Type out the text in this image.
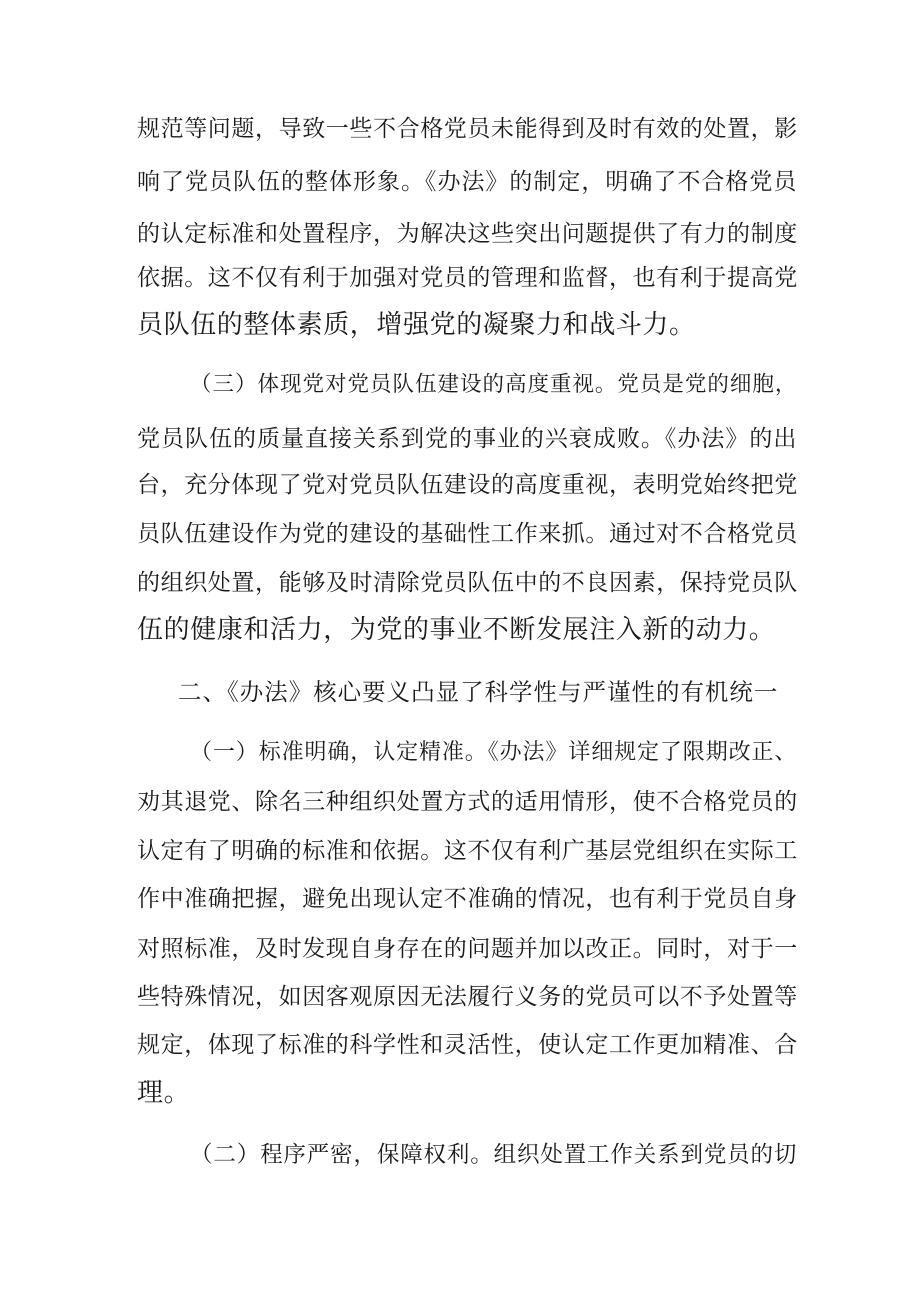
规范等问题，导致一些不合格党员未能得到及时有效的处置，影
响了党员队伍的整体形象。《办法》的制定，明确了不合格党员
的认定标准和处置程序，为解决这些突出问题提供了有力的制度
依据。这不仅有利于加强对党员的管理和监督，也有利于提高党
员队伍的整体素质，增强党的凝聚力和战斗力。
（三）体现党对党员队伍建设的高度重视。党员是党的细胞，
党员队伍的质量直接关系到党的事业的兴衰成败。《办法》的出
台，充分体现了党对党员队伍建设的高度重视，表明党始终把党
员队伍建设作为党的建设的基础性工作来抓。通过对不合格党员
的组织处置，能够及时清除党员队伍中的不良因素，保持党员队
伍的健康和活力，为党的事业不断发展注入新的动力。
二、《办法》核心要义凸显了科学性与严谨性的有机统一
（一）标准明确，认定精准。《办法》详细规定了限期改正、
劝其退党、除名三种组织处置方式的适用情形，使不合格党员的
认定有了明确的标准和依据。这不仅有利广基层党组织在实际工
作中准确把握，避免出现认定不准确的情况，也有利于党员自身
对照标准，及时发现自身存在的问题并加以改正。同时，对于一
些特殊情况，如因客观原因无法履行义务的党员可以不予处置等
规定，体现了标准的科学性和灵活性，使认定工作更加精准、合
理。
（二）程序严密，保障权利。组织处置工作关系到党员的切
